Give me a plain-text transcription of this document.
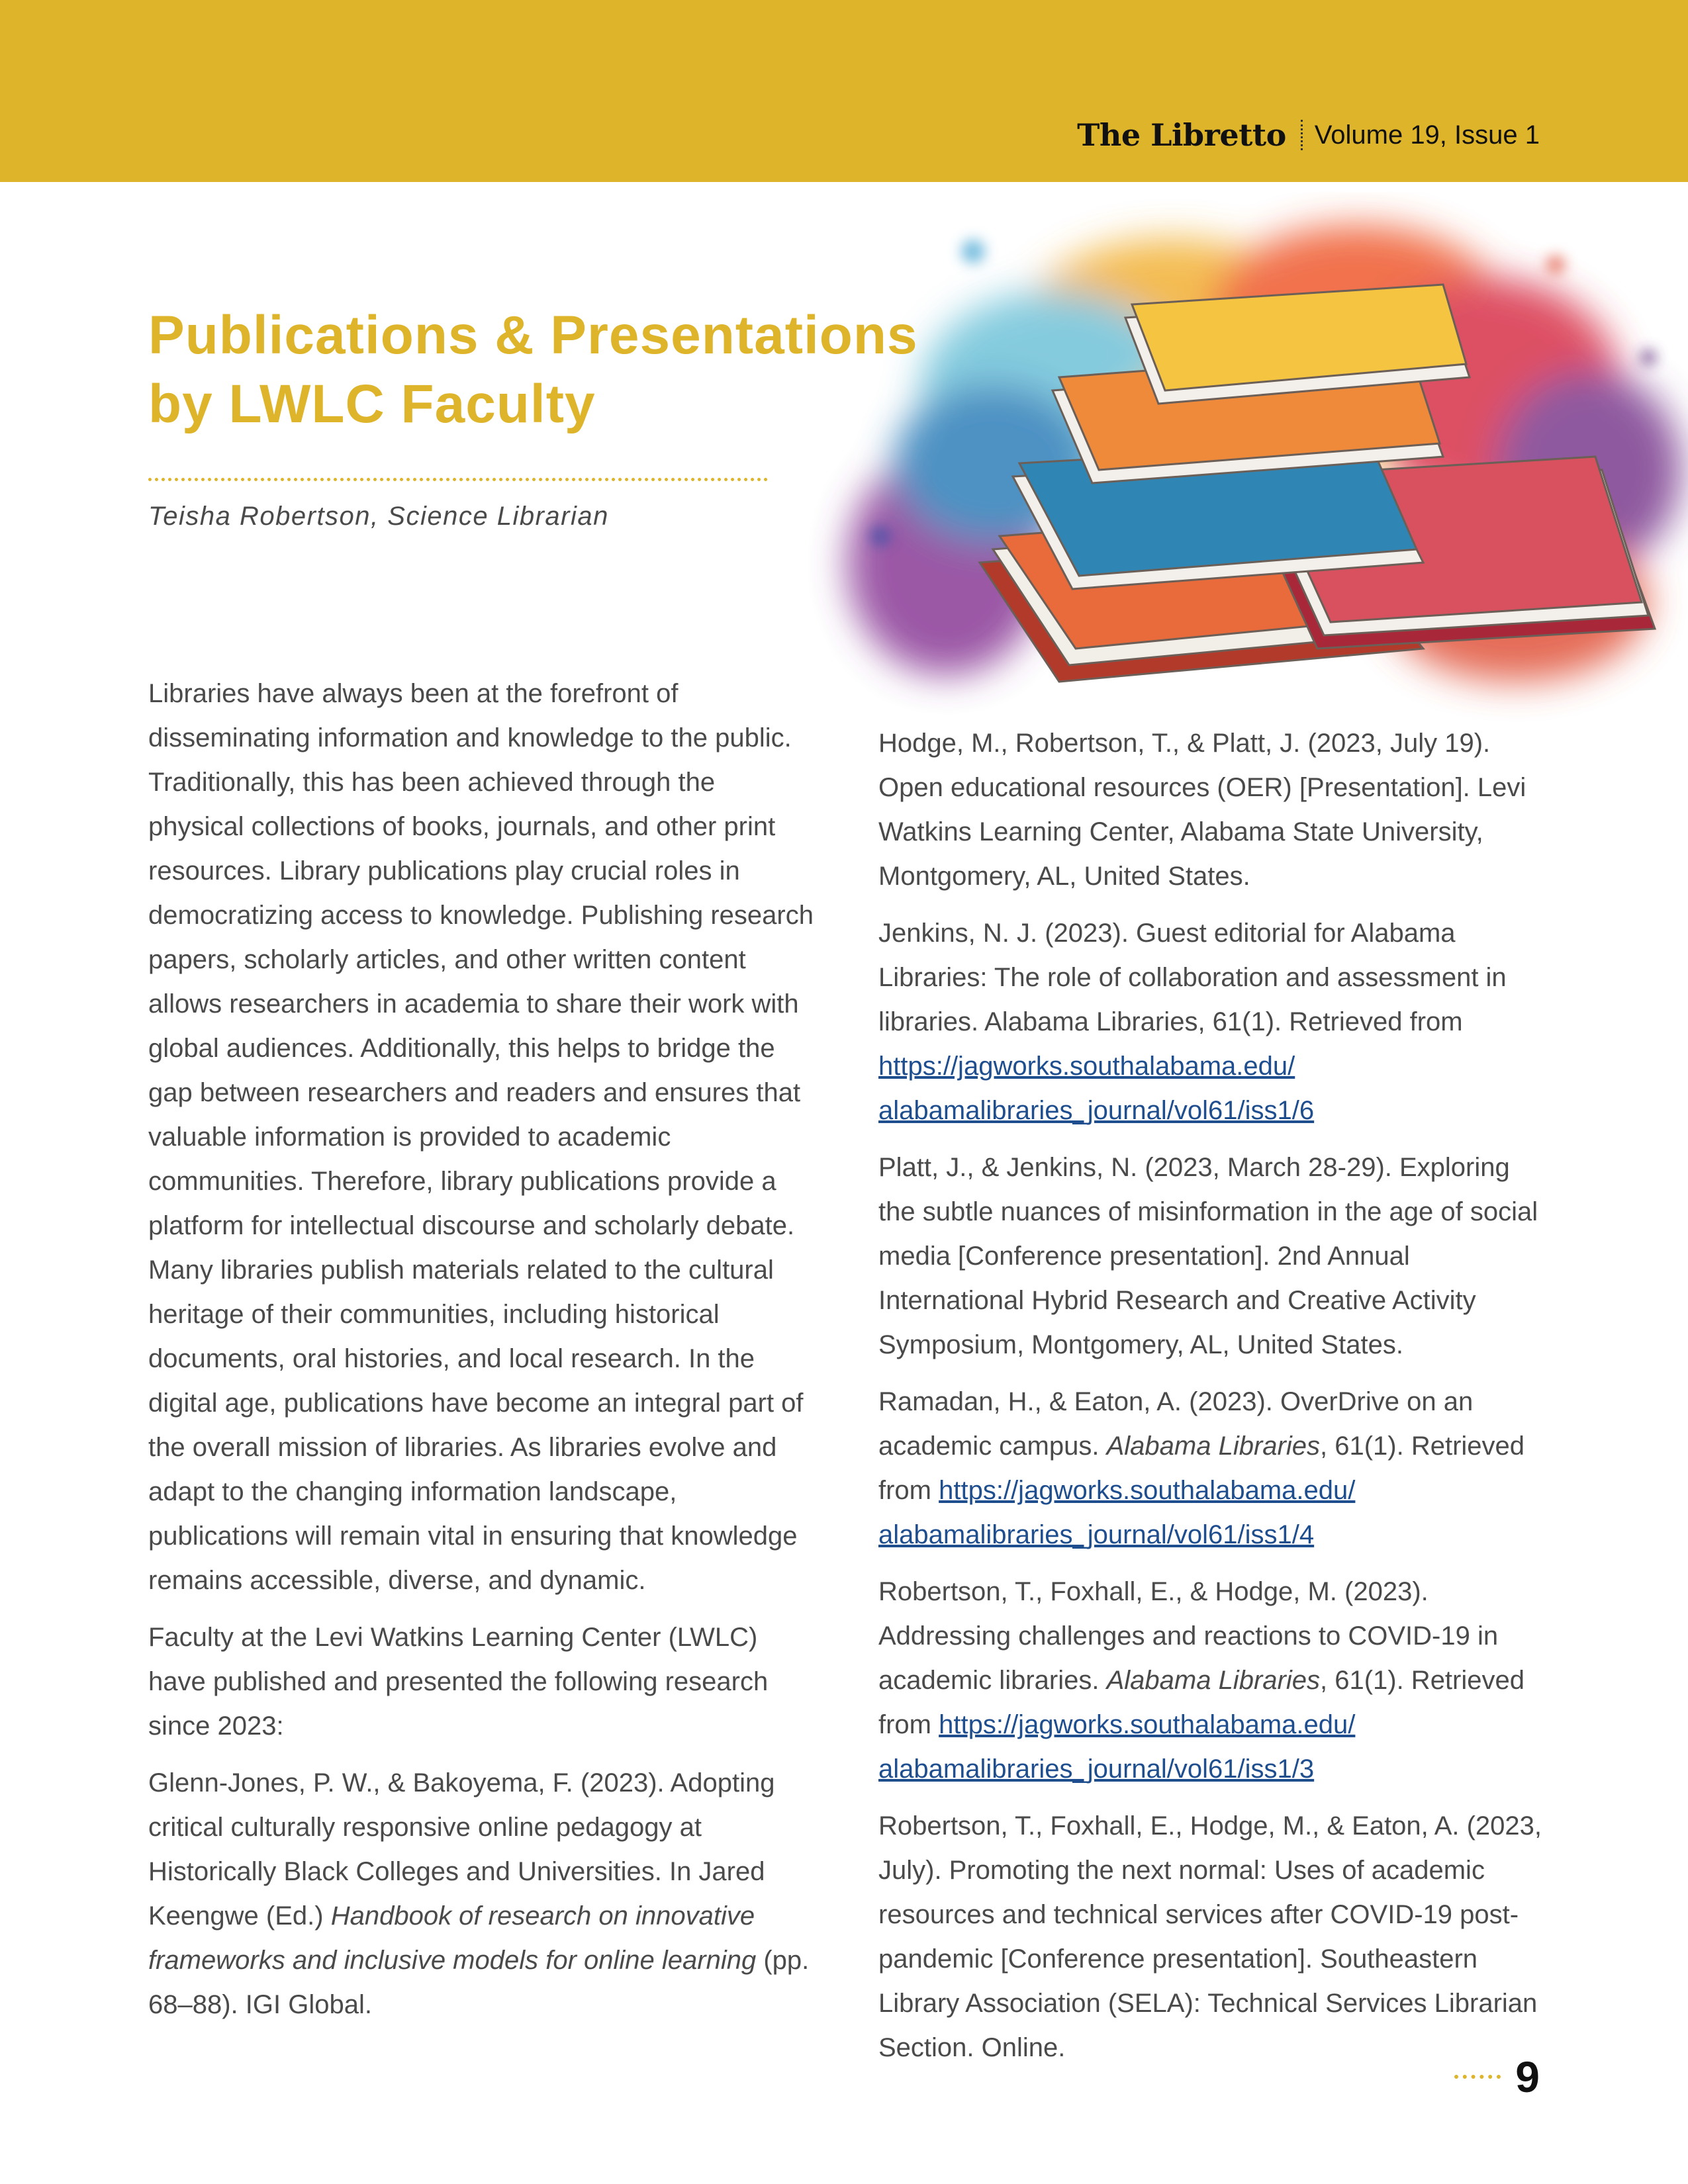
The Libretto Volume 19, Issue 1
Publications & Presentations
by LWLC Faculty
Teisha Robertson, Science Librarian

Libraries have always been at the forefront of disseminating information and knowledge to the public. Traditionally, this has been achieved through the physical collections of books, journals, and other print resources. Library publications play crucial roles in democratizing access to knowledge. Publishing research papers, scholarly articles, and other written content allows researchers in academia to share their work with global audiences. Additionally, this helps to bridge the gap between researchers and readers and ensures that valuable information is provided to academic communities. Therefore, library publications provide a platform for intellectual discourse and scholarly debate. Many libraries publish materials related to the cultural heritage of their communities, including historical documents, oral histories, and local research. In the digital age, publications have become an integral part of the overall mission of libraries. As libraries evolve and adapt to the changing information landscape, publications will remain vital in ensuring that knowledge remains accessible, diverse, and dynamic.

Faculty at the Levi Watkins Learning Center (LWLC) have published and presented the following research since 2023:

Glenn-Jones, P. W., & Bakoyema, F. (2023). Adopting critical culturally responsive online pedagogy at Historically Black Colleges and Universities. In Jared Keengwe (Ed.) Handbook of research on innovative frameworks and inclusive models for online learning (pp. 68–88). IGI Global.

Hodge, M., Robertson, T., & Platt, J. (2023, July 19). Open educational resources (OER) [Presentation]. Levi Watkins Learning Center, Alabama State University, Montgomery, AL, United States.

Jenkins, N. J. (2023). Guest editorial for Alabama Libraries: The role of collaboration and assessment in libraries. Alabama Libraries, 61(1). Retrieved from https://jagworks.southalabama.edu/
alabamalibraries_journal/vol61/iss1/6

Platt, J., & Jenkins, N. (2023, March 28-29). Exploring the subtle nuances of misinformation in the age of social media [Conference presentation]. 2nd Annual International Hybrid Research and Creative Activity Symposium, Montgomery, AL, United States.

Ramadan, H., & Eaton, A. (2023). OverDrive on an academic campus. Alabama Libraries, 61(1). Retrieved from https://jagworks.southalabama.edu/
alabamalibraries_journal/vol61/iss1/4

Robertson, T., Foxhall, E., & Hodge, M. (2023). Addressing challenges and reactions to COVID-19 in academic libraries. Alabama Libraries, 61(1). Retrieved from https://jagworks.southalabama.edu/
alabamalibraries_journal/vol61/iss1/3

Robertson, T., Foxhall, E., Hodge, M., & Eaton, A. (2023, July). Promoting the next normal: Uses of academic resources and technical services after COVID-19 post-pandemic [Conference presentation]. Southeastern Library Association (SELA): Technical Services Librarian Section. Online.

9
